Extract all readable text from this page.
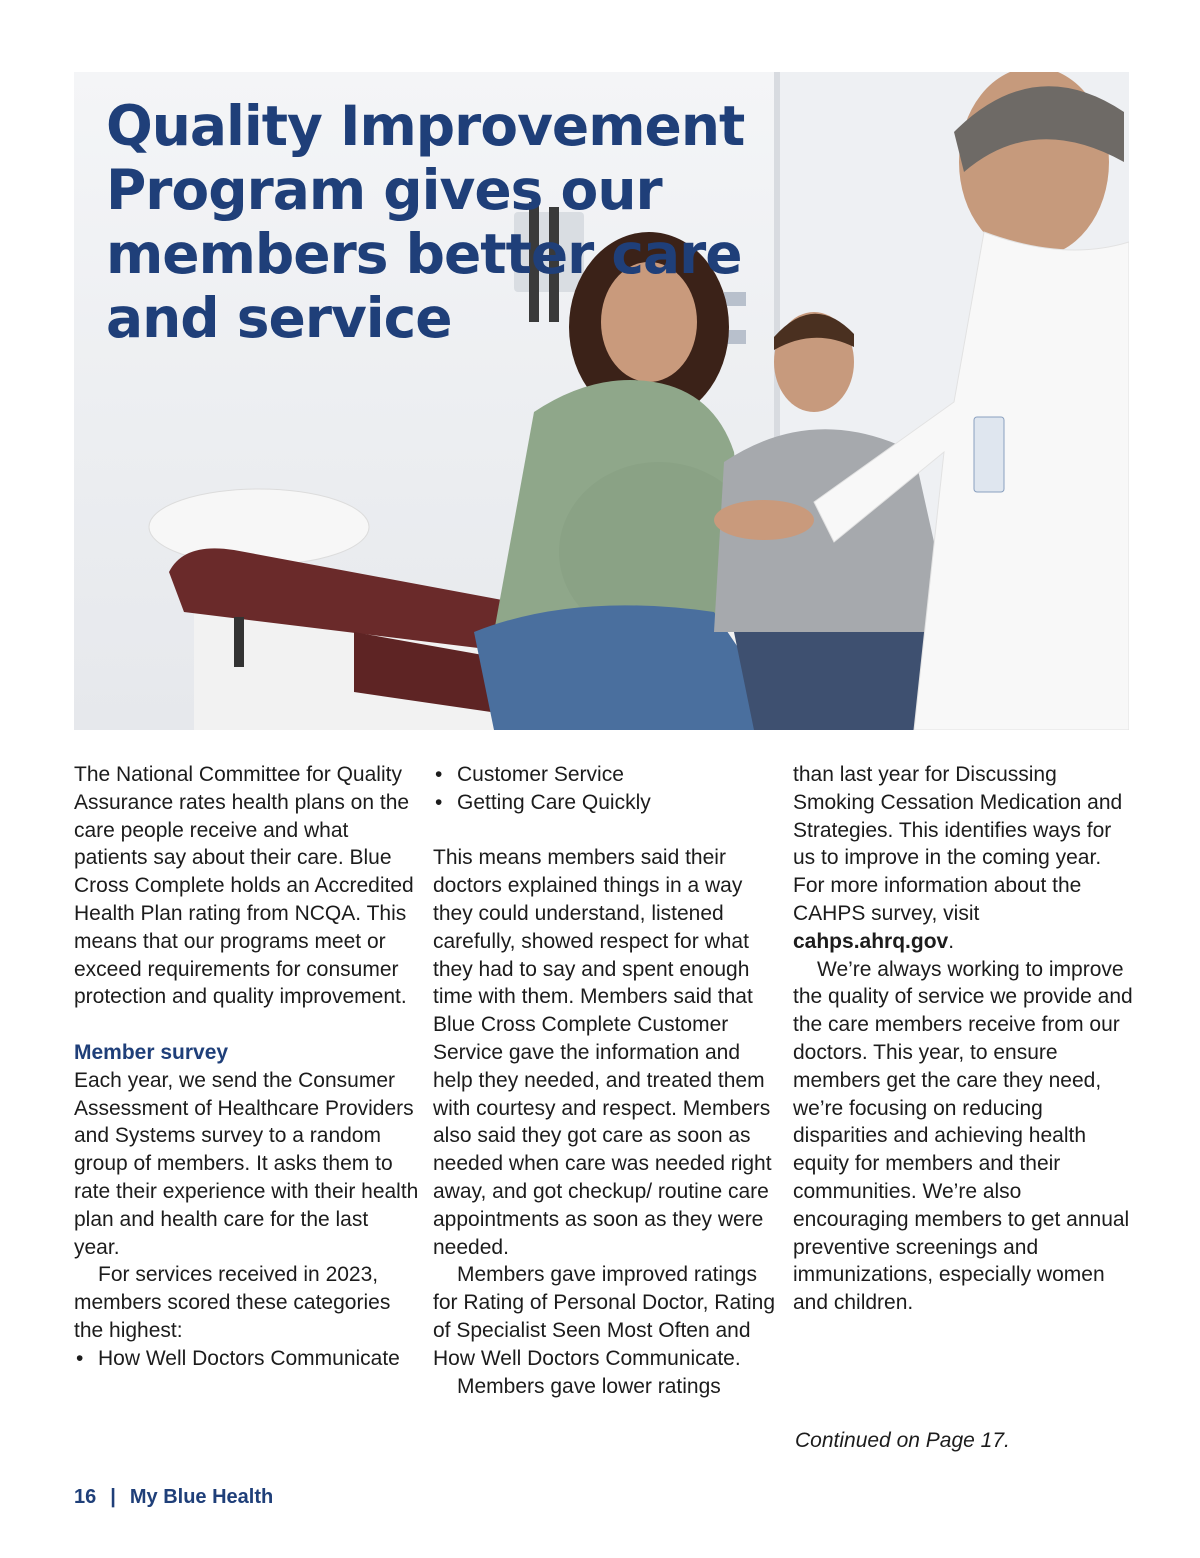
Quality Improvement Program gives our members better care and service

The National Committee for Quality Assurance rates health plans on the care people receive and what patients say about their care. Blue Cross Complete holds an Accredited Health Plan rating from NCQA. This means that our programs meet or exceed requirements for consumer protection and quality improvement.

Member survey

Each year, we send the Consumer Assessment of Healthcare Providers and Systems survey to a random group of members. It asks them to rate their experience with their health plan and health care for the last year.

For services received in 2023, members scored these categories the highest:

• How Well Doctors Communicate
• Customer Service
• Getting Care Quickly

This means members said their doctors explained things in a way they could understand, listened carefully, showed respect for what they had to say and spent enough time with them. Members said that Blue Cross Complete Customer Service gave the information and help they needed, and treated them with courtesy and respect. Members also said they got care as soon as needed when care was needed right away, and got checkup/ routine care appointments as soon as they were needed.

Members gave improved ratings for Rating of Personal Doctor, Rating of Specialist Seen Most Often and How Well Doctors Communicate.

Members gave lower ratings

than last year for Discussing Smoking Cessation Medication and Strategies. This identifies ways for us to improve in the coming year. For more information about the CAHPS survey, visit cahps.ahrq.gov.

We’re always working to improve the quality of service we provide and the care members receive from our doctors. This year, to ensure members get the care they need, we’re focusing on reducing disparities and achieving health equity for members and their communities. We’re also encouraging members to get annual preventive screenings and immunizations, especially women and children.

Continued on Page 17.
16 | My Blue Health
